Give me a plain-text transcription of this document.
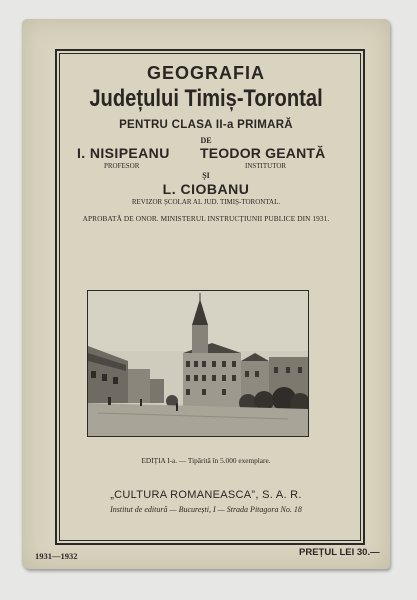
GEOGRAFIA
Județului Timiș-Torontal
PENTRU CLASA II-a PRIMARĂ
DE
I. NISIPEANU
PROFESOR
TEODOR GEANTĂ
INSTITUTOR
ȘI
L. CIOBANU
REVIZOR ȘCOLAR AL JUD. TIMIȘ-TORONTAL.
APROBATĂ DE ONOR. MINISTERUL INSTRUCȚIUNII PUBLICE DIN 1931.
EDIȚIA I-a. — Tipărită în 5.000 exemplare.
„CULTURA ROMANEASCA”, S. A. R.
Institut de editură — București, I — Strada Pitagora No. 18
1931—1932	PREȚUL LEI 30.—
